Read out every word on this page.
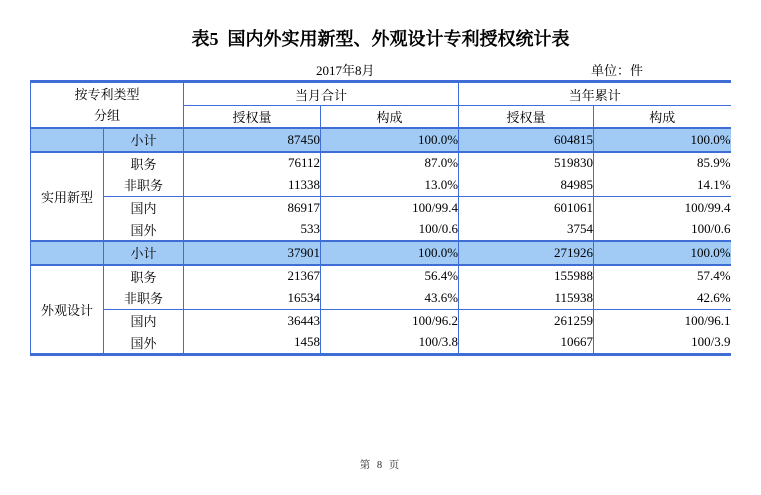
表5  国内外实用新型、外观设计专利授权统计表
2017年8月	单位：件
按专利类型
分组		当月合计		当年累计	
		授权量	构成	授权量	构成
	小计	87450	100.0%	604815	100.0%
实用新型	职务	76112	87.0%	519830	85.9%
	非职务	11338	13.0%	84985	14.1%
	国内	86917	100/99.4	601061	100/99.4
	国外	533	100/0.6	3754	100/0.6
	小计	37901	100.0%	271926	100.0%
外观设计	职务	21367	56.4%	155988	57.4%
	非职务	16534	43.6%	115938	42.6%
	国内	36443	100/96.2	261259	100/96.1
	国外	1458	100/3.8	10667	100/3.9
第 8 页
